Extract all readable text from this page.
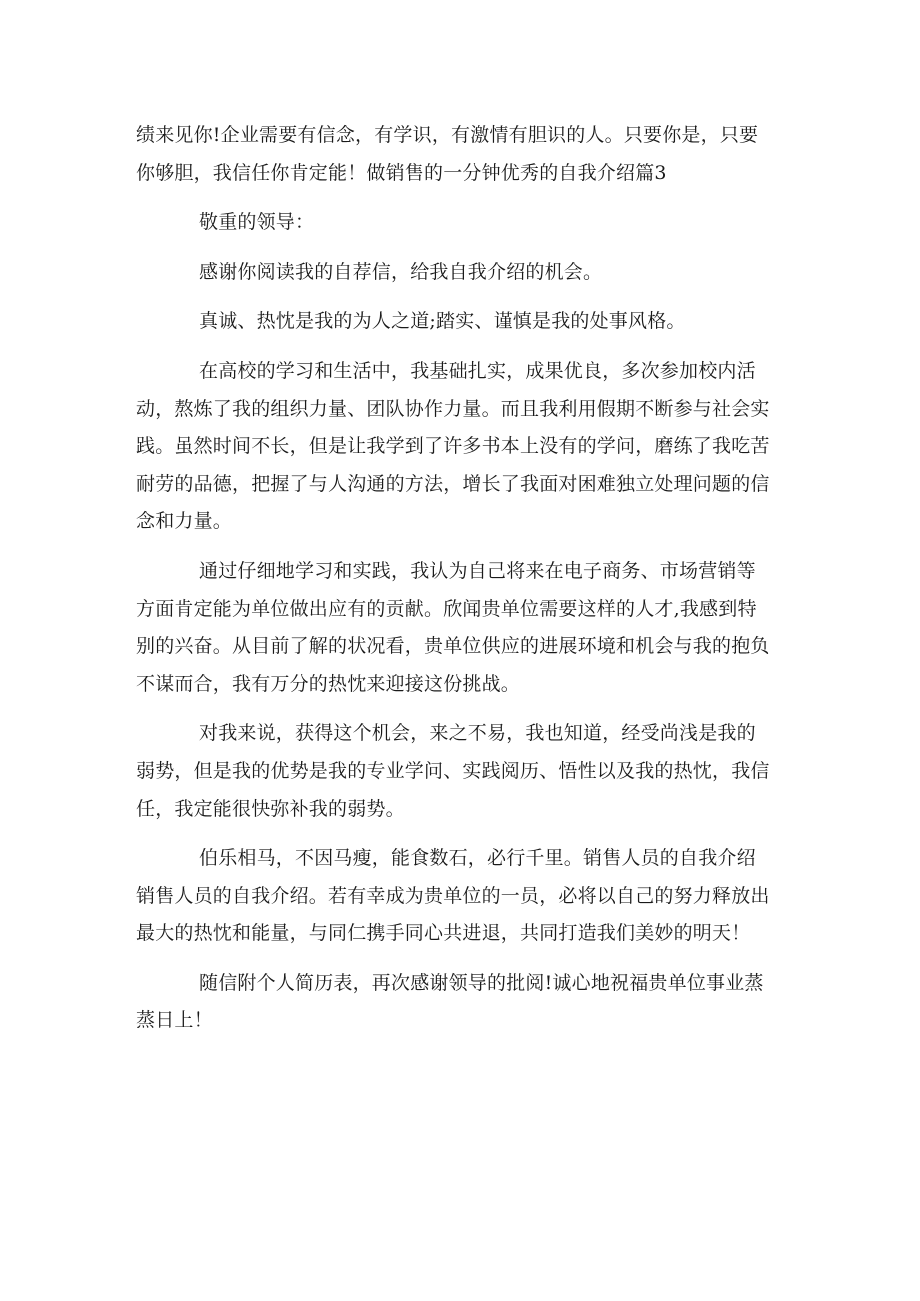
绩来见你!企业需要有信念，有学识，有激情有胆识的人。只要你是，只要
你够胆，我信任你肯定能！做销售的一分钟优秀的自我介绍篇3
敬重的领导：
感谢你阅读我的自荐信，给我自我介绍的机会。
真诚、热忱是我的为人之道;踏实、谨慎是我的处事风格。
在高校的学习和生活中，我基础扎实，成果优良，多次参加校内活
动，熬炼了我的组织力量、团队协作力量。而且我利用假期不断参与社会实
践。虽然时间不长，但是让我学到了许多书本上没有的学问，磨练了我吃苦
耐劳的品德，把握了与人沟通的方法，增长了我面对困难独立处理问题的信
念和力量。
通过仔细地学习和实践，我认为自己将来在电子商务、市场营销等
方面肯定能为单位做出应有的贡献。欣闻贵单位需要这样的人才,我感到特
别的兴奋。从目前了解的状况看，贵单位供应的进展环境和机会与我的抱负
不谋而合，我有万分的热忱来迎接这份挑战。
对我来说，获得这个机会，来之不易，我也知道，经受尚浅是我的
弱势，但是我的优势是我的专业学问、实践阅历、悟性以及我的热忱，我信
任，我定能很快弥补我的弱势。
伯乐相马，不因马瘦，能食数石，必行千里。销售人员的自我介绍
销售人员的自我介绍。若有幸成为贵单位的一员，必将以自己的努力释放出
最大的热忱和能量，与同仁携手同心共进退，共同打造我们美妙的明天！
随信附个人简历表，再次感谢领导的批阅!诚心地祝福贵单位事业蒸
蒸日上！
